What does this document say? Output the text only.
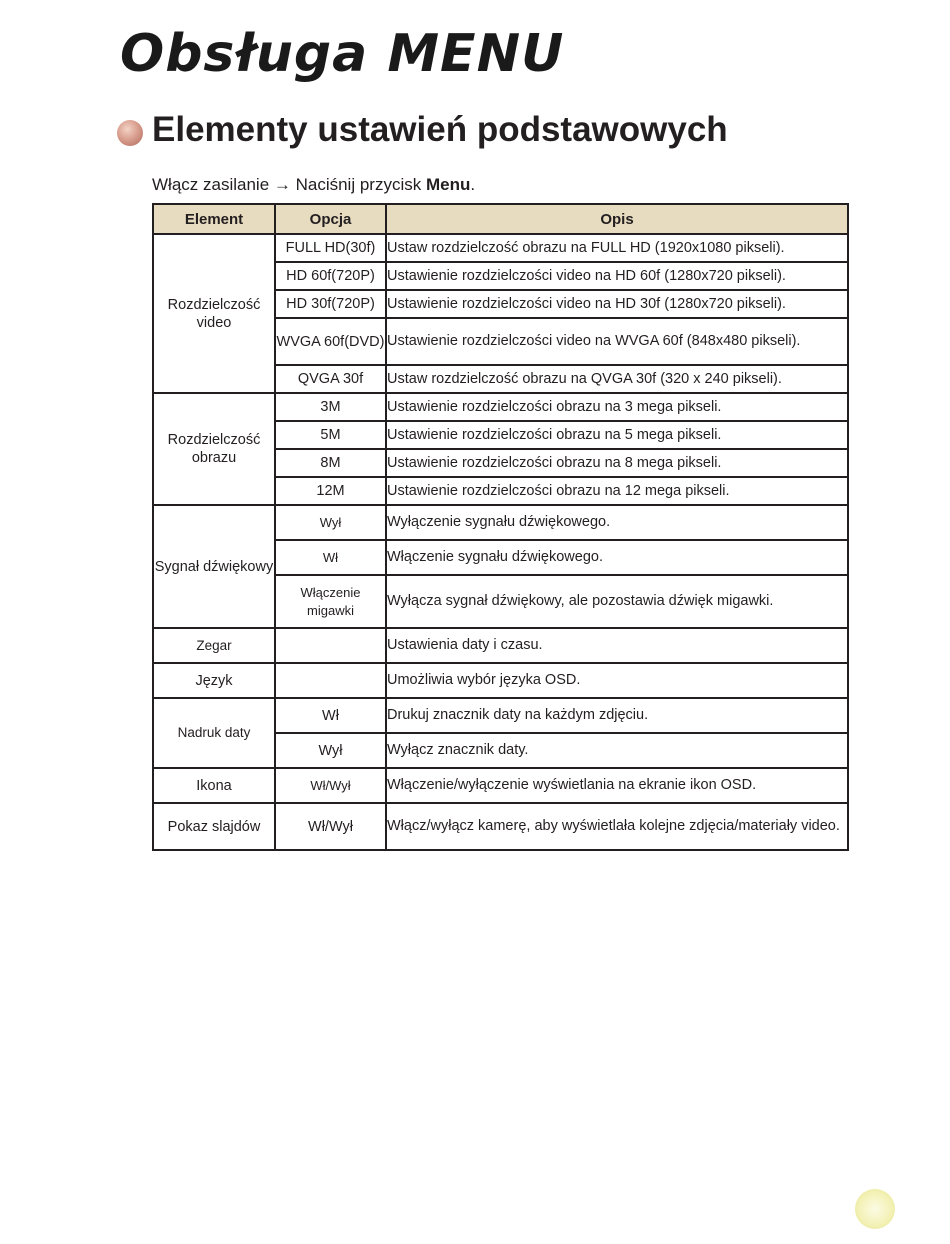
Obsługa MENU
Elementy ustawień podstawowych
Włącz zasilanie → Naciśnij przycisk Menu.
Element	Opcja	Opis
Rozdzielczość video	FULL HD(30f)	Ustaw rozdzielczość obrazu na FULL HD (1920x1080 pikseli).
	HD 60f(720P)	Ustawienie rozdzielczości video na HD 60f (1280x720 pikseli).
	HD 30f(720P)	Ustawienie rozdzielczości video na HD 30f (1280x720 pikseli).
	WVGA 60f(DVD)	Ustawienie rozdzielczości video na WVGA 60f (848x480 pikseli).
	QVGA 30f	Ustaw rozdzielczość obrazu na QVGA 30f (320 x 240 pikseli).
Rozdzielczość obrazu	3M	Ustawienie rozdzielczości obrazu na 3 mega pikseli.
	5M	Ustawienie rozdzielczości obrazu na 5 mega pikseli.
	8M	Ustawienie rozdzielczości obrazu na 8 mega pikseli.
	12M	Ustawienie rozdzielczości obrazu na 12 mega pikseli.
Sygnał dźwiękowy	Wył	Wyłączenie sygnału dźwiękowego.
	Wł	Włączenie sygnału dźwiękowego.
	Włączenie migawki	Wyłącza sygnał dźwiękowy, ale pozostawia dźwięk migawki.
Zegar		Ustawienia daty i czasu.
Język		Umożliwia wybór języka OSD.
Nadruk daty	Wł	Drukuj znacznik daty na każdym zdjęciu.
	Wył	Wyłącz znacznik daty.
Ikona	Wł/Wył	Włączenie/wyłączenie wyświetlania na ekranie ikon OSD.
Pokaz slajdów	Wł/Wył	Włącz/wyłącz kamerę, aby wyświetlała kolejne zdjęcia/materiały video.
